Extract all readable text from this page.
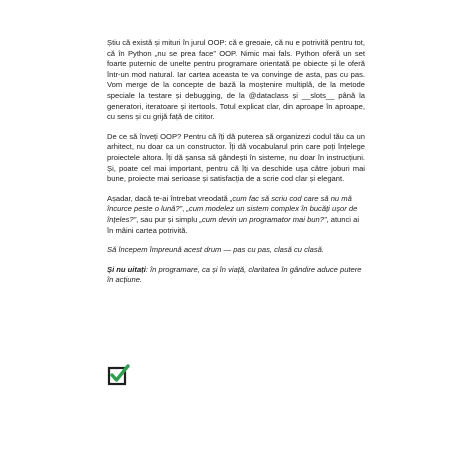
Știu că există și mituri în jurul OOP: că e greoaie, că nu e potrivită pentru tot, că în Python „nu se prea face” OOP. Nimic mai fals. Python oferă un set foarte puternic de unelte pentru programare orientată pe obiecte și le oferă într-un mod natural. Iar cartea aceasta te va convinge de asta, pas cu pas. Vom merge de la concepte de bază la moștenire multiplă, de la metode speciale la testare și debugging, de la @dataclass și __slots__ până la generatori, iteratoare și itertools. Totul explicat clar, din aproape în aproape, cu sens și cu grijă față de cititor.

De ce să înveți OOP? Pentru că îți dă puterea să organizezi codul tău ca un arhitect, nu doar ca un constructor. Îți dă vocabularul prin care poți înțelege proiectele altora. Îți dă șansa să gândești în sisteme, nu doar în instrucțiuni. Și, poate cel mai important, pentru că îți va deschide ușa către joburi mai bune, proiecte mai serioase și satisfacția de a scrie cod clar și elegant.

Așadar, dacă te-ai întrebat vreodată „cum fac să scriu cod care să nu mă încurce peste o lună?”, „cum modelez un sistem complex în bucăți ușor de înțeles?”, sau pur și simplu „cum devin un programator mai bun?”, atunci ai în mâini cartea potrivită.

Să începem împreună acest drum — pas cu pas, clasă cu clasă.

Și nu uitați: în programare, ca și în viață, claritatea în gândire aduce putere în acțiune.
